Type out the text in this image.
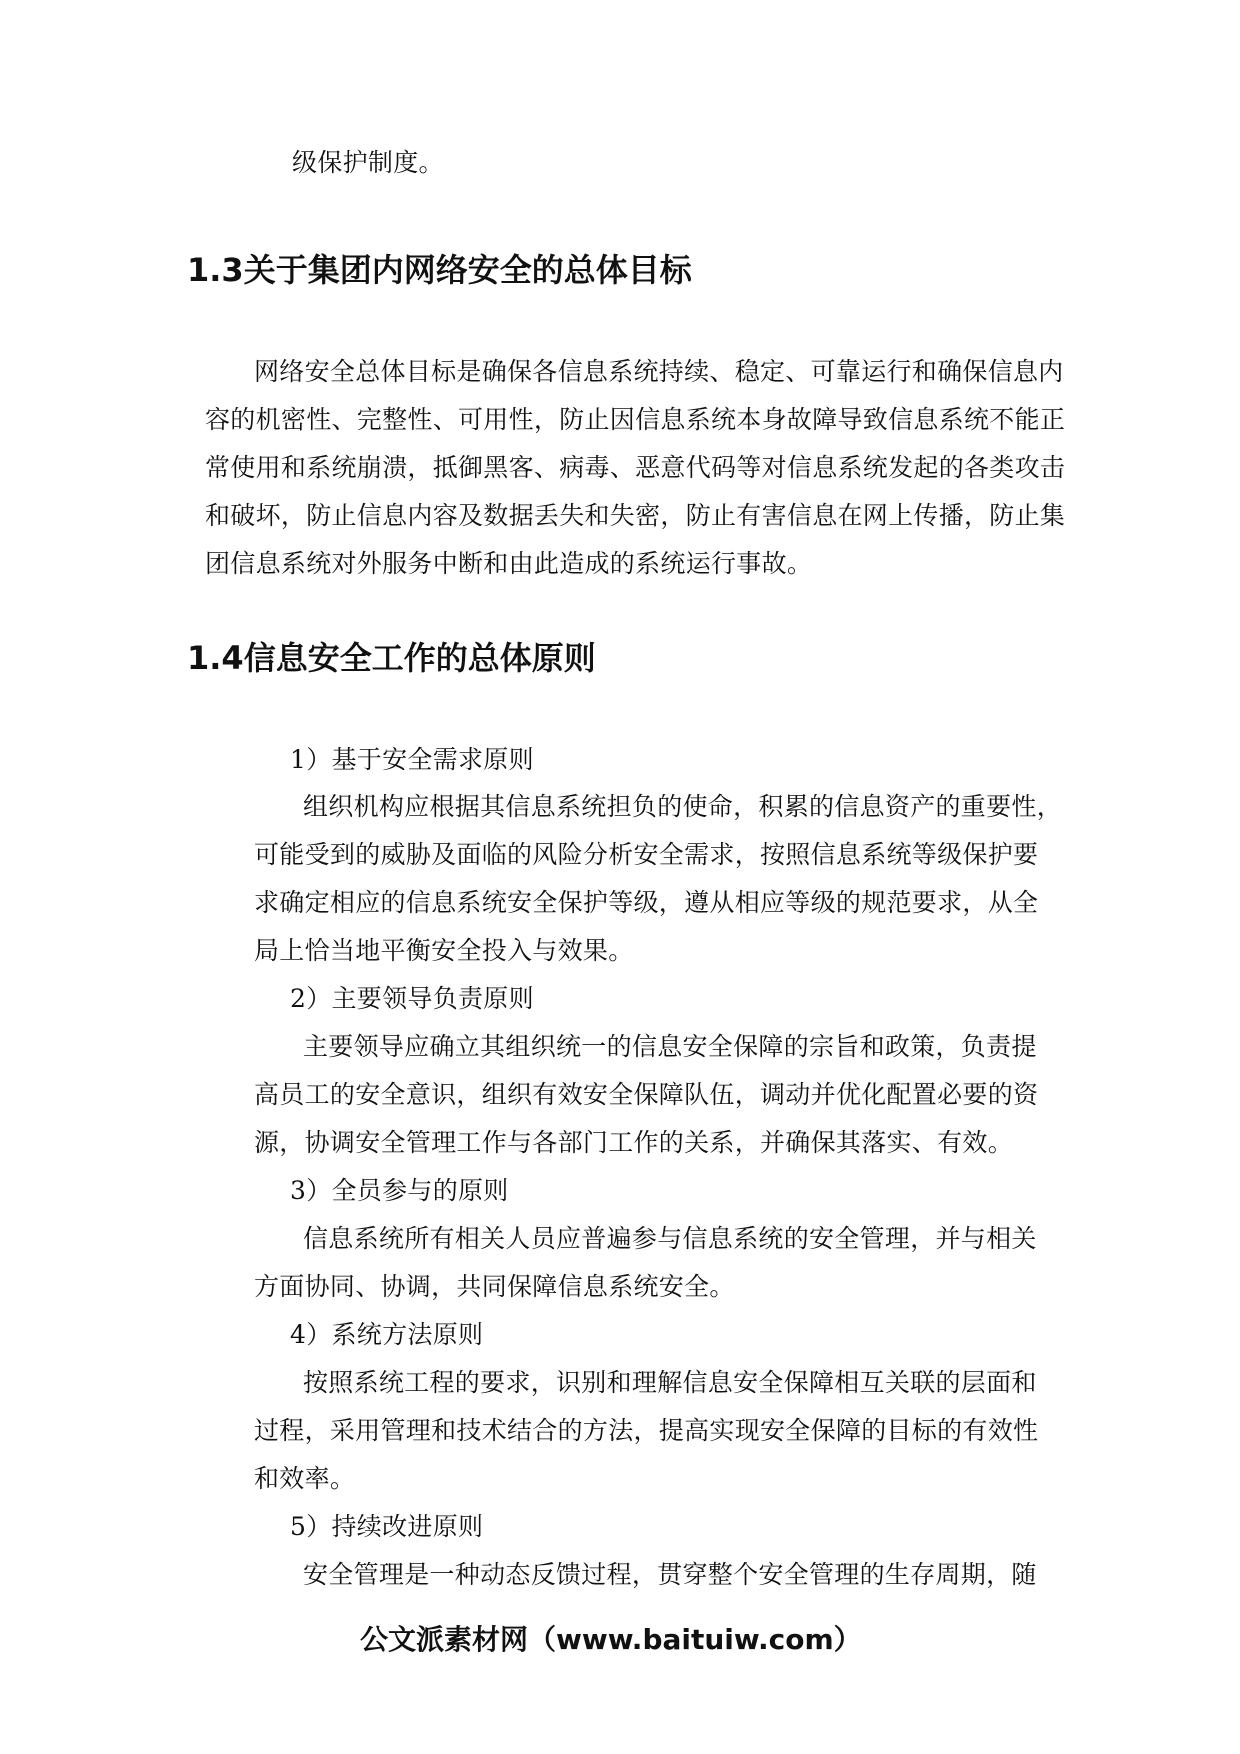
级保护制度。

1.3关于集团内网络安全的总体目标

网络安全总体目标是确保各信息系统持续、稳定、可靠运行和确保信息内

容的机密性、完整性、可用性，防止因信息系统本身故障导致信息系统不能正

常使用和系统崩溃，抵御黑客、病毒、恶意代码等对信息系统发起的各类攻击

和破坏，防止信息内容及数据丢失和失密，防止有害信息在网上传播，防止集

团信息系统对外服务中断和由此造成的系统运行事故。

1.4信息安全工作的总体原则

1）基于安全需求原则

组织机构应根据其信息系统担负的使命，积累的信息资产的重要性，

可能受到的威胁及面临的风险分析安全需求，按照信息系统等级保护要

求确定相应的信息系统安全保护等级，遵从相应等级的规范要求，从全

局上恰当地平衡安全投入与效果。

2）主要领导负责原则

主要领导应确立其组织统一的信息安全保障的宗旨和政策，负责提

高员工的安全意识，组织有效安全保障队伍，调动并优化配置必要的资

源，协调安全管理工作与各部门工作的关系，并确保其落实、有效。

3）全员参与的原则

信息系统所有相关人员应普遍参与信息系统的安全管理，并与相关

方面协同、协调，共同保障信息系统安全。

4）系统方法原则

按照系统工程的要求，识别和理解信息安全保障相互关联的层面和

过程，采用管理和技术结合的方法，提高实现安全保障的目标的有效性

和效率。

5）持续改进原则

安全管理是一种动态反馈过程，贯穿整个安全管理的生存周期，随

公文派素材网（www.baituiw.com）
